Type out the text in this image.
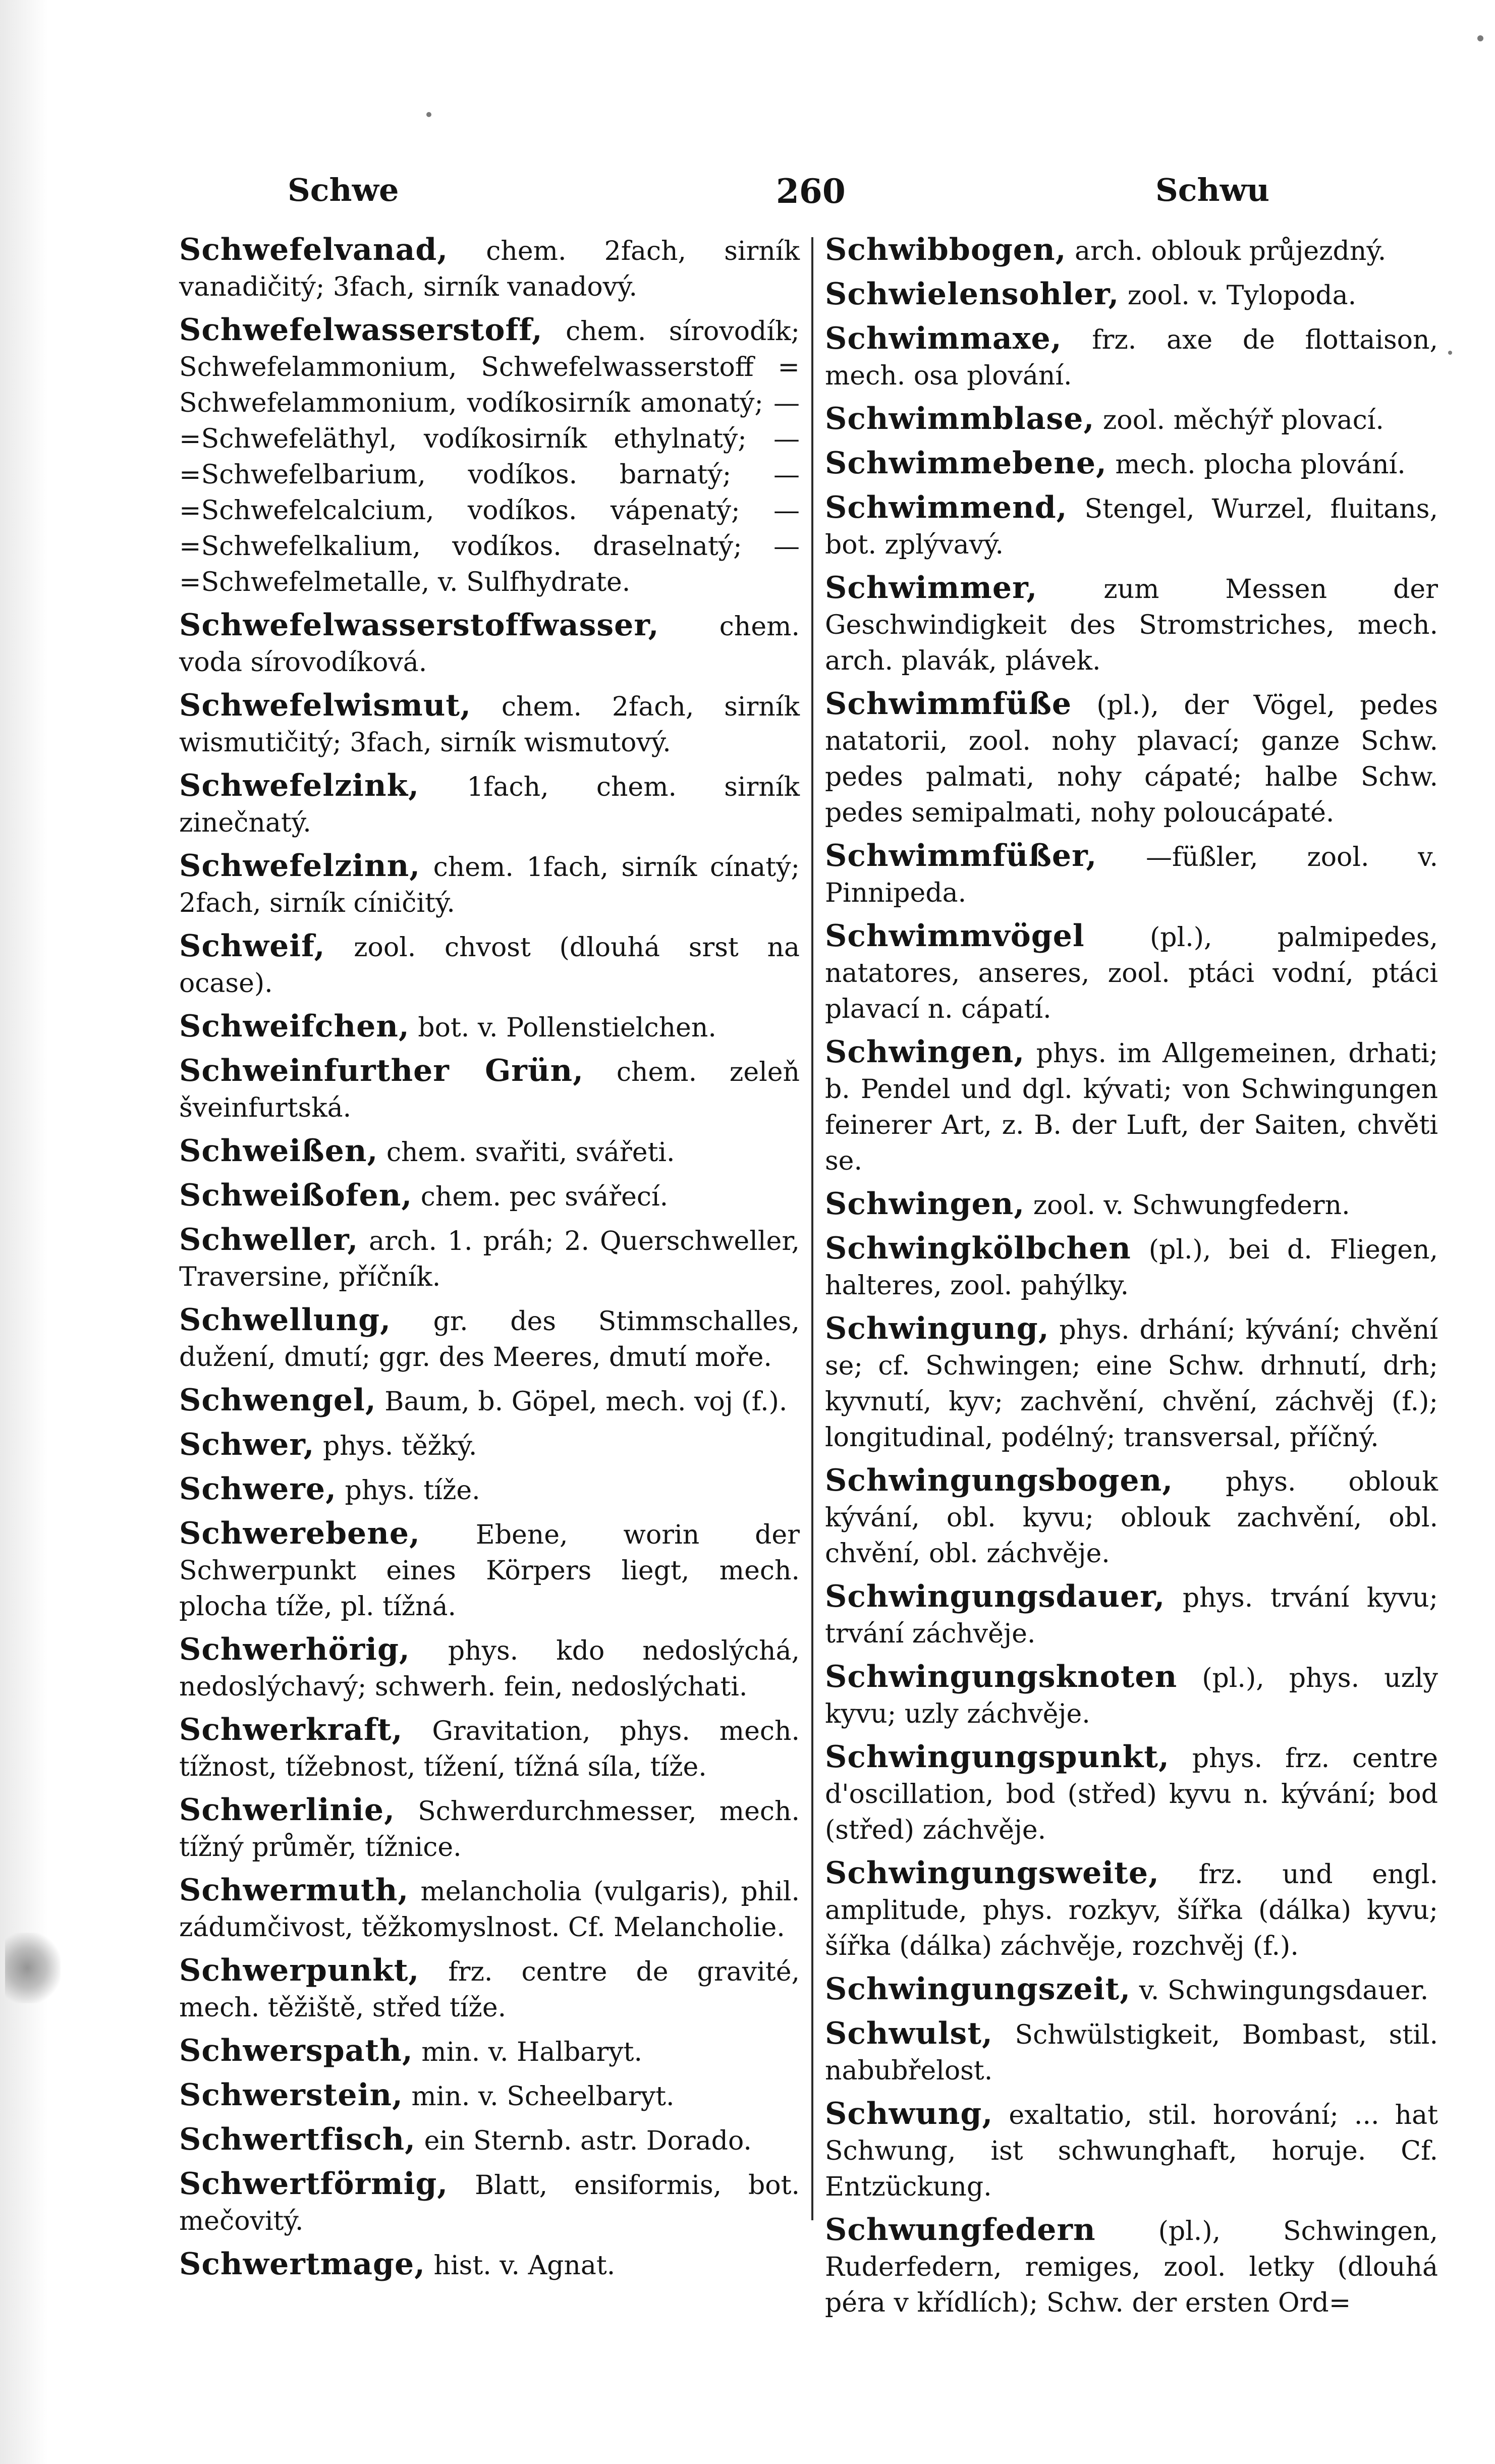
Schwe	260	Schwu

Schwefelvanad, chem. 2fach, sirník vanadičitý; 3fach, sirník vanadový.

Schwefelwasserstoff, chem. sírovodík; Schwefelammonium, Schwefelwasserstoff = Schwefelammonium, vodíkosirník amonatý; —=Schwefeläthyl, vodíkosirník ethylnatý; —=Schwefelbarium, vodíkos. barnatý; —=Schwefelcalcium, vodíkos. vápenatý; —=Schwefelkalium, vodíkos. draselnatý; —=Schwefelmetalle, v. Sulfhydrate.

Schwefelwasserstoffwasser, chem. voda sírovodíková.

Schwefelwismut, chem. 2fach, sirník wismutičitý; 3fach, sirník wismutový.

Schwefelzink, 1fach, chem. sirník zinečnatý.

Schwefelzinn, chem. 1fach, sirník cínatý; 2fach, sirník cíničitý.

Schweif, zool. chvost (dlouhá srst na ocase).

Schweifchen, bot. v. Pollenstielchen.

Schweinfurther Grün, chem. zeleň šveinfurtská.

Schweißen, chem. svařiti, svářeti.

Schweißofen, chem. pec svářecí.

Schweller, arch. 1. práh; 2. Querschweller, Traversine, příčník.

Schwellung, gr. des Stimmschalles, dužení, dmutí; ggr. des Meeres, dmutí moře.

Schwengel, Baum, b. Göpel, mech. voj (f.).

Schwer, phys. těžký.

Schwere, phys. tíže.

Schwerebene, Ebene, worin der Schwerpunkt eines Körpers liegt, mech. plocha tíže, pl. tížná.

Schwerhörig, phys. kdo nedoslýchá, nedoslýchavý; schwerh. fein, nedoslýchati.

Schwerkraft, Gravitation, phys. mech. tížnost, tížebnost, tížení, tížná síla, tíže.

Schwerlinie, Schwerdurchmesser, mech. tížný průměr, tížnice.

Schwermuth, melancholia (vulgaris), phil. zádumčivost, těžkomyslnost. Cf. Melancholie.

Schwerpunkt, frz. centre de gravité, mech. těžiště, střed tíže.

Schwerspath, min. v. Halbaryt.

Schwerstein, min. v. Scheelbaryt.

Schwertfisch, ein Sternb. astr. Dorado.

Schwertförmig, Blatt, ensiformis, bot. mečovitý.

Schwertmage, hist. v. Agnat.

Schwibbogen, arch. oblouk průjezdný.

Schwielensohler, zool. v. Tylopoda.

Schwimmaxe, frz. axe de flottaison, mech. osa plování.

Schwimmblase, zool. měchýř plovací.

Schwimmebene, mech. plocha plování.

Schwimmend, Stengel, Wurzel, fluitans, bot. zplývavý.

Schwimmer, zum Messen der Geschwindigkeit des Stromstriches, mech. arch. plavák, plávek.

Schwimmfüße (pl.), der Vögel, pedes natatorii, zool. nohy plavací; ganze Schw. pedes palmati, nohy cápaté; halbe Schw. pedes semipalmati, nohy poloucápaté.

Schwimmfüßer, —füßler, zool. v. Pinnipeda.

Schwimmvögel (pl.), palmipedes, natatores, anseres, zool. ptáci vodní, ptáci plavací n. cápatí.

Schwingen, phys. im Allgemeinen, drhati; b. Pendel und dgl. kývati; von Schwingungen feinerer Art, z. B. der Luft, der Saiten, chvěti se.

Schwingen, zool. v. Schwungfedern.

Schwingkölbchen (pl.), bei d. Fliegen, halteres, zool. pahýlky.

Schwingung, phys. drhání; kývání; chvění se; cf. Schwingen; eine Schw. drhnutí, drh; kyvnutí, kyv; zachvění, chvění, záchvěj (f.); longitudinal, podélný; transversal, příčný.

Schwingungsbogen, phys. oblouk kývání, obl. kyvu; oblouk zachvění, obl. chvění, obl. záchvěje.

Schwingungsdauer, phys. trvání kyvu; trvání záchvěje.

Schwingungsknoten (pl.), phys. uzly kyvu; uzly záchvěje.

Schwingungspunkt, phys. frz. centre d'oscillation, bod (střed) kyvu n. kývání; bod (střed) záchvěje.

Schwingungsweite, frz. und engl. amplitude, phys. rozkyv, šířka (dálka) kyvu; šířka (dálka) záchvěje, rozchvěj (f.).

Schwingungszeit, v. Schwingungsdauer.

Schwulst, Schwülstigkeit, Bombast, stil. nabubřelost.

Schwung, exaltatio, stil. horování; ... hat Schwung, ist schwunghaft, horuje. Cf. Entzückung.

Schwungfedern (pl.), Schwingen, Ruderfedern, remiges, zool. letky (dlouhá péra v křídlích); Schw. der ersten Ord=
